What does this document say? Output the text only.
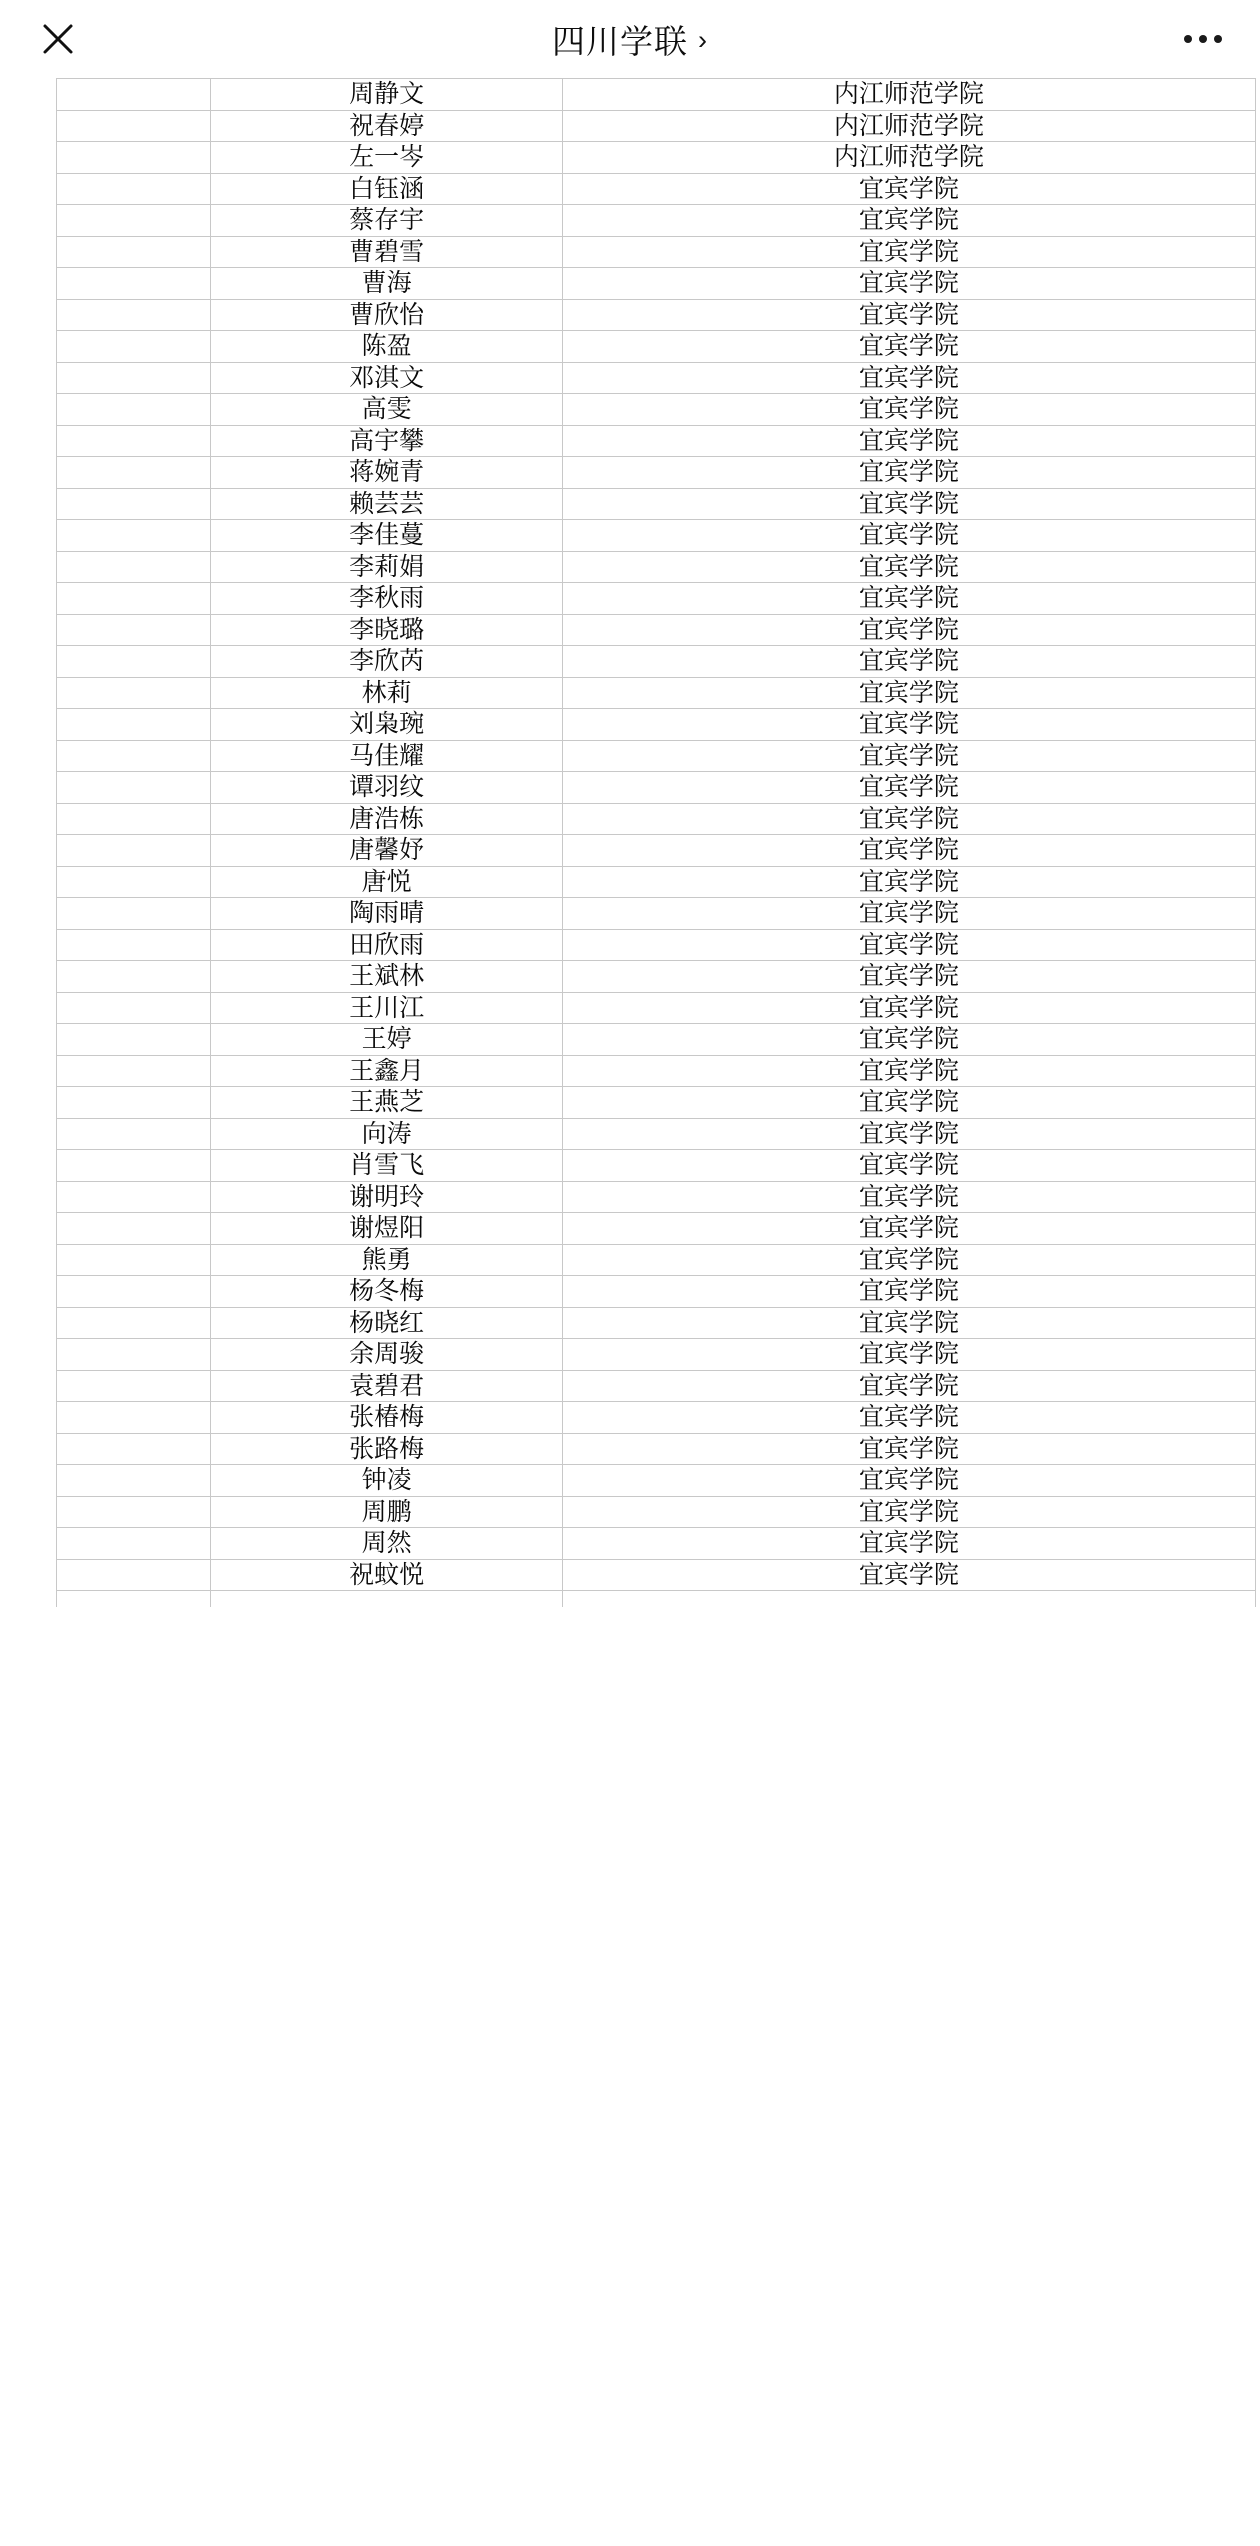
四川学联 ›
	周静文	内江师范学院
	祝春婷	内江师范学院
	左一岑	内江师范学院
	白钰涵	宜宾学院
	蔡存宇	宜宾学院
	曹碧雪	宜宾学院
	曹海	宜宾学院
	曹欣怡	宜宾学院
	陈盈	宜宾学院
	邓淇文	宜宾学院
	高雯	宜宾学院
	高宇攀	宜宾学院
	蒋婉青	宜宾学院
	赖芸芸	宜宾学院
	李佳蔓	宜宾学院
	李莉娟	宜宾学院
	李秋雨	宜宾学院
	李晓璐	宜宾学院
	李欣芮	宜宾学院
	林莉	宜宾学院
	刘枭琬	宜宾学院
	马佳耀	宜宾学院
	谭羽纹	宜宾学院
	唐浩栋	宜宾学院
	唐馨妤	宜宾学院
	唐悦	宜宾学院
	陶雨晴	宜宾学院
	田欣雨	宜宾学院
	王斌林	宜宾学院
	王川江	宜宾学院
	王婷	宜宾学院
	王鑫月	宜宾学院
	王燕芝	宜宾学院
	向涛	宜宾学院
	肖雪飞	宜宾学院
	谢明玲	宜宾学院
	谢煜阳	宜宾学院
	熊勇	宜宾学院
	杨冬梅	宜宾学院
	杨晓红	宜宾学院
	余周骏	宜宾学院
	袁碧君	宜宾学院
	张椿梅	宜宾学院
	张路梅	宜宾学院
	钟凌	宜宾学院
	周鹏	宜宾学院
	周然	宜宾学院
	祝蚊悦	宜宾学院
